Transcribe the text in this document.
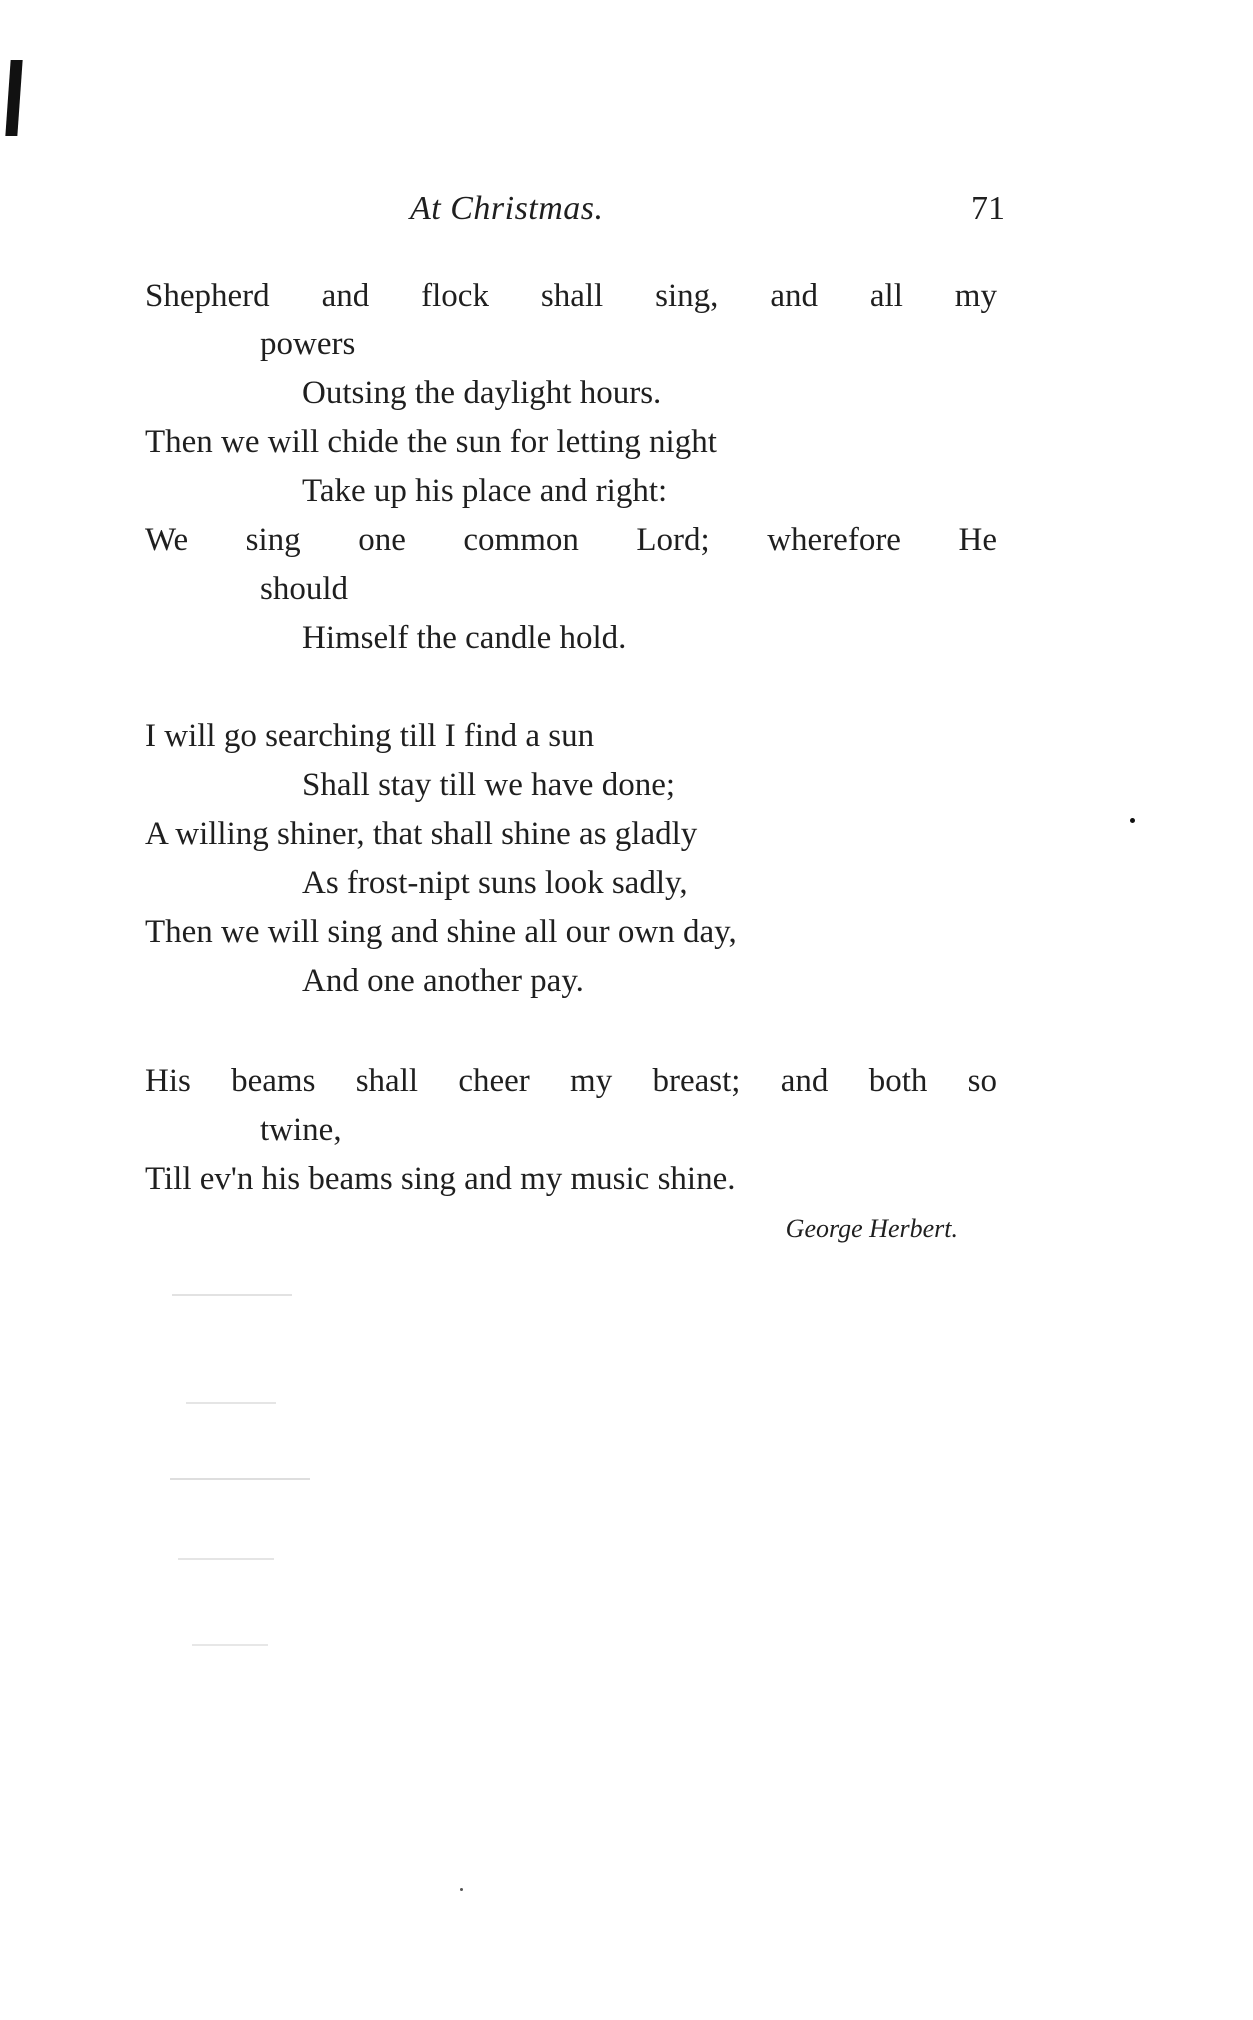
At Christmas.	71
Shepherd and flock shall sing, and all my
powers
Outsing the daylight hours.
Then we will chide the sun for letting night
Take up his place and right:
We sing one common Lord; wherefore He
should
Himself the candle hold.
I will go searching till I find a sun
Shall stay till we have done;
A willing shiner, that shall shine as gladly
As frost-nipt suns look sadly,
Then we will sing and shine all our own day,
And one another pay.
His beams shall cheer my breast; and both so
twine,
Till ev'n his beams sing and my music shine.
George Herbert.
